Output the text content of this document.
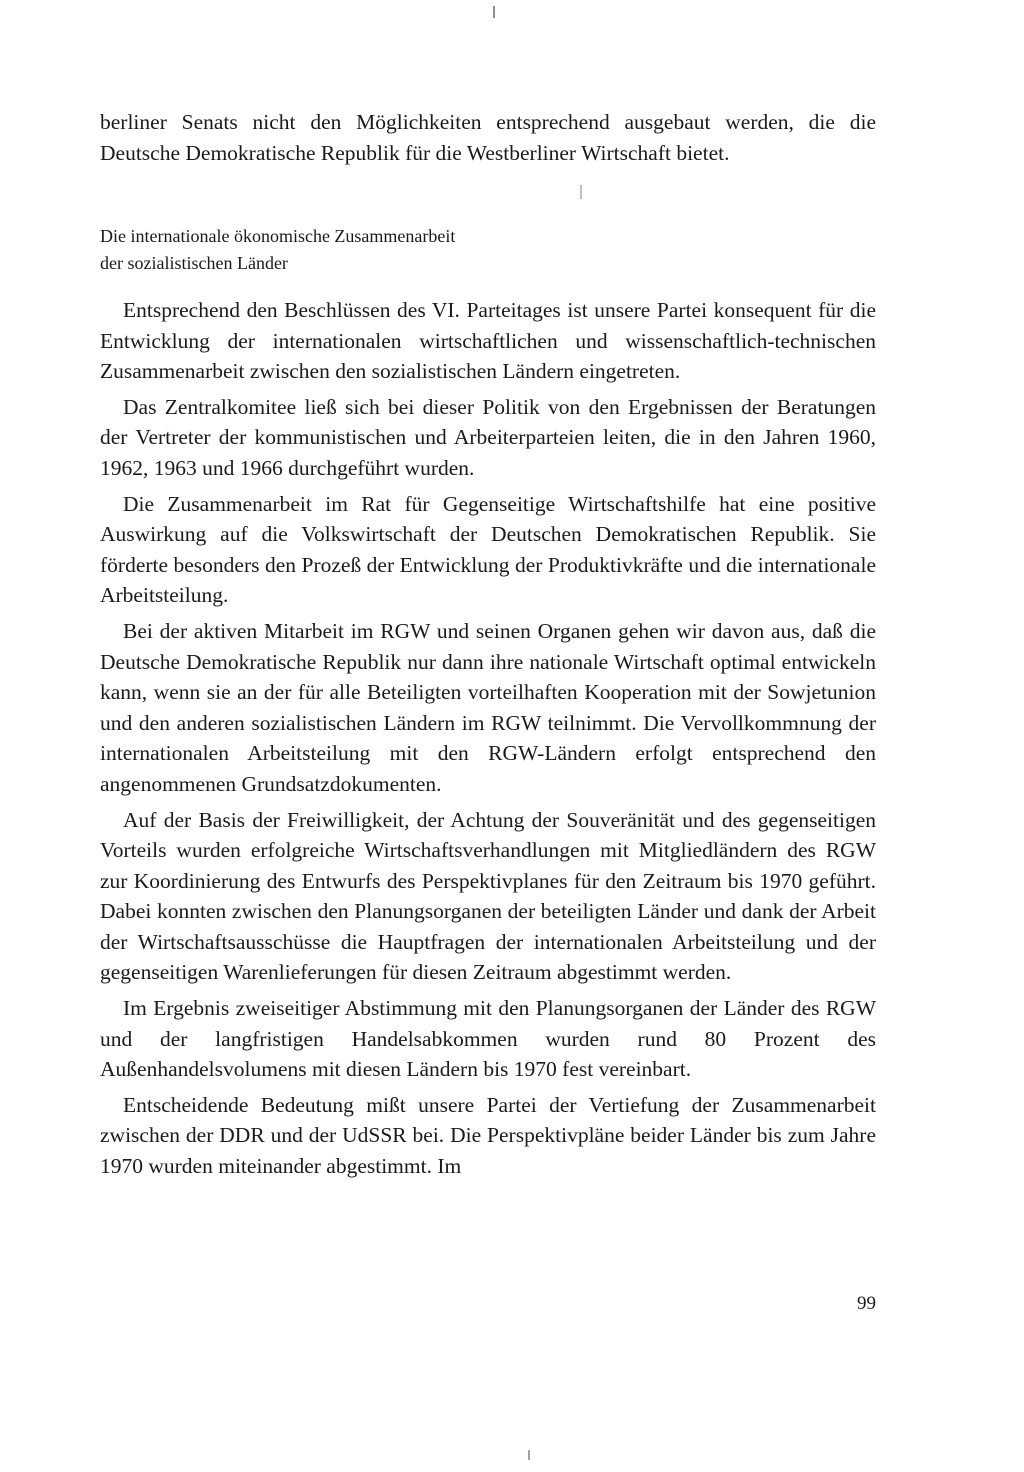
berliner Senats nicht den Möglichkeiten entsprechend ausgebaut werden, die die Deutsche Demokratische Republik für die Westberliner Wirtschaft bietet.

Die internationale ökonomische Zusammenarbeit
der sozialistischen Länder

Entsprechend den Beschlüssen des VI. Parteitages ist unsere Partei konsequent für die Entwicklung der internationalen wirtschaftlichen und wissenschaftlich-technischen Zusammenarbeit zwischen den sozialistischen Ländern eingetreten.

Das Zentralkomitee ließ sich bei dieser Politik von den Ergebnissen der Beratungen der Vertreter der kommunistischen und Arbeiterparteien leiten, die in den Jahren 1960, 1962, 1963 und 1966 durchgeführt wurden.

Die Zusammenarbeit im Rat für Gegenseitige Wirtschaftshilfe hat eine positive Auswirkung auf die Volkswirtschaft der Deutschen Demokratischen Republik. Sie förderte besonders den Prozeß der Entwicklung der Produktivkräfte und die internationale Arbeitsteilung.

Bei der aktiven Mitarbeit im RGW und seinen Organen gehen wir davon aus, daß die Deutsche Demokratische Republik nur dann ihre nationale Wirtschaft optimal entwickeln kann, wenn sie an der für alle Beteiligten vorteilhaften Kooperation mit der Sowjetunion und den anderen sozialistischen Ländern im RGW teilnimmt. Die Vervollkommnung der internationalen Arbeitsteilung mit den RGW-Ländern erfolgt entsprechend den angenommenen Grundsatzdokumenten.

Auf der Basis der Freiwilligkeit, der Achtung der Souveränität und des gegenseitigen Vorteils wurden erfolgreiche Wirtschaftsverhandlungen mit Mitgliedländern des RGW zur Koordinierung des Entwurfs des Perspektivplanes für den Zeitraum bis 1970 geführt. Dabei konnten zwischen den Planungsorganen der beteiligten Länder und dank der Arbeit der Wirtschaftsausschüsse die Hauptfragen der internationalen Arbeitsteilung und der gegenseitigen Warenlieferungen für diesen Zeitraum abgestimmt werden.

Im Ergebnis zweiseitiger Abstimmung mit den Planungsorganen der Länder des RGW und der langfristigen Handelsabkommen wurden rund 80 Prozent des Außenhandelsvolumens mit diesen Ländern bis 1970 fest vereinbart.

Entscheidende Bedeutung mißt unsere Partei der Vertiefung der Zusammenarbeit zwischen der DDR und der UdSSR bei. Die Perspektivpläne beider Länder bis zum Jahre 1970 wurden miteinander abgestimmt. Im

99
